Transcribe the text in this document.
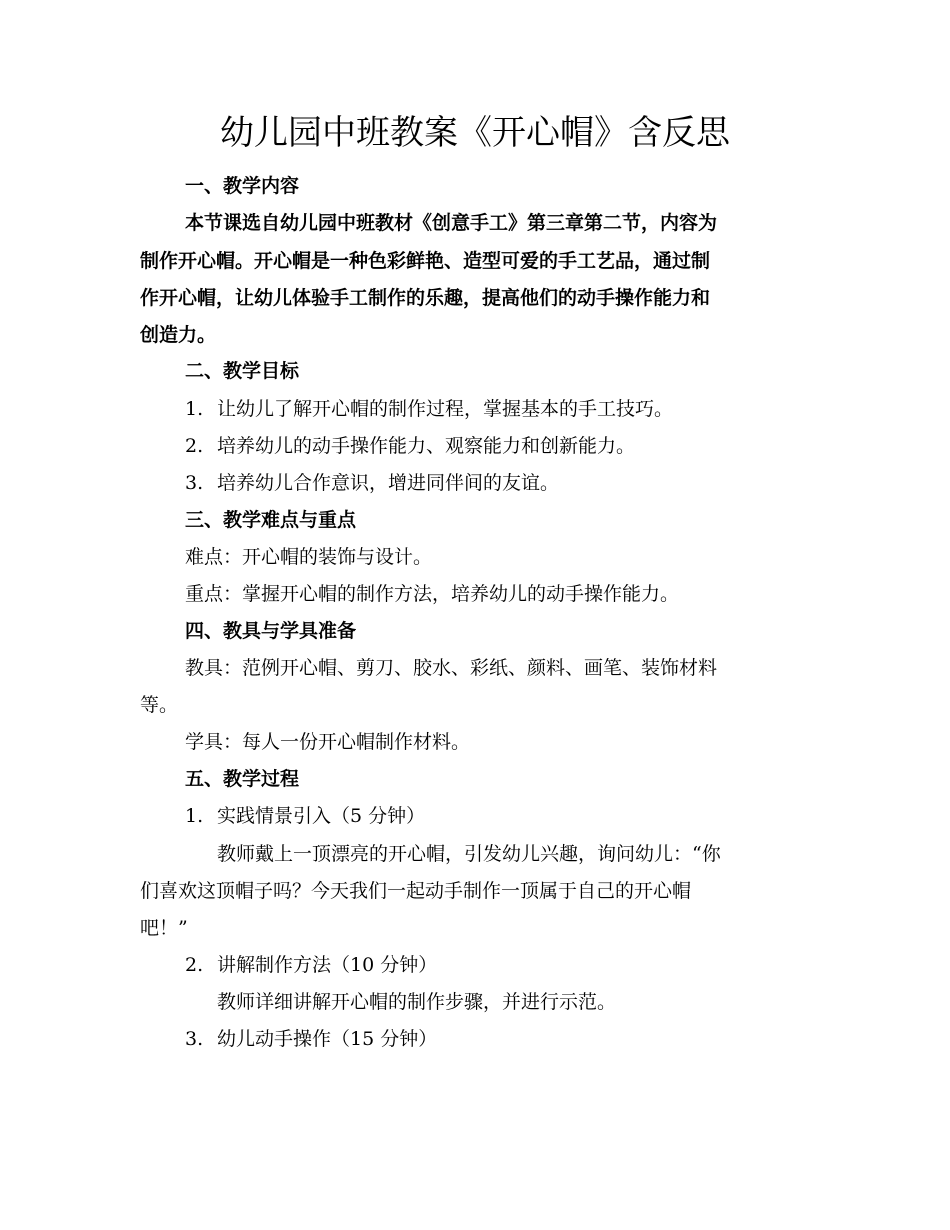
幼儿园中班教案《开心帽》含反思

一、教学内容

本节课选自幼儿园中班教材《创意手工》第三章第二节，内容为

制作开心帽。开心帽是一种色彩鲜艳、造型可爱的手工艺品，通过制

作开心帽，让幼儿体验手工制作的乐趣，提高他们的动手操作能力和

创造力。

二、教学目标

1. 让幼儿了解开心帽的制作过程，掌握基本的手工技巧。

2. 培养幼儿的动手操作能力、观察能力和创新能力。

3. 培养幼儿合作意识，增进同伴间的友谊。

三、教学难点与重点

难点：开心帽的装饰与设计。

重点：掌握开心帽的制作方法，培养幼儿的动手操作能力。

四、教具与学具准备

教具：范例开心帽、剪刀、胶水、彩纸、颜料、画笔、装饰材料

等。

学具：每人一份开心帽制作材料。

五、教学过程

1. 实践情景引入（5 分钟）

教师戴上一顶漂亮的开心帽，引发幼儿兴趣，询问幼儿：“你

们喜欢这顶帽子吗？今天我们一起动手制作一顶属于自己的开心帽

吧！”

2. 讲解制作方法（10 分钟）

教师详细讲解开心帽的制作步骤，并进行示范。

3. 幼儿动手操作（15 分钟）
